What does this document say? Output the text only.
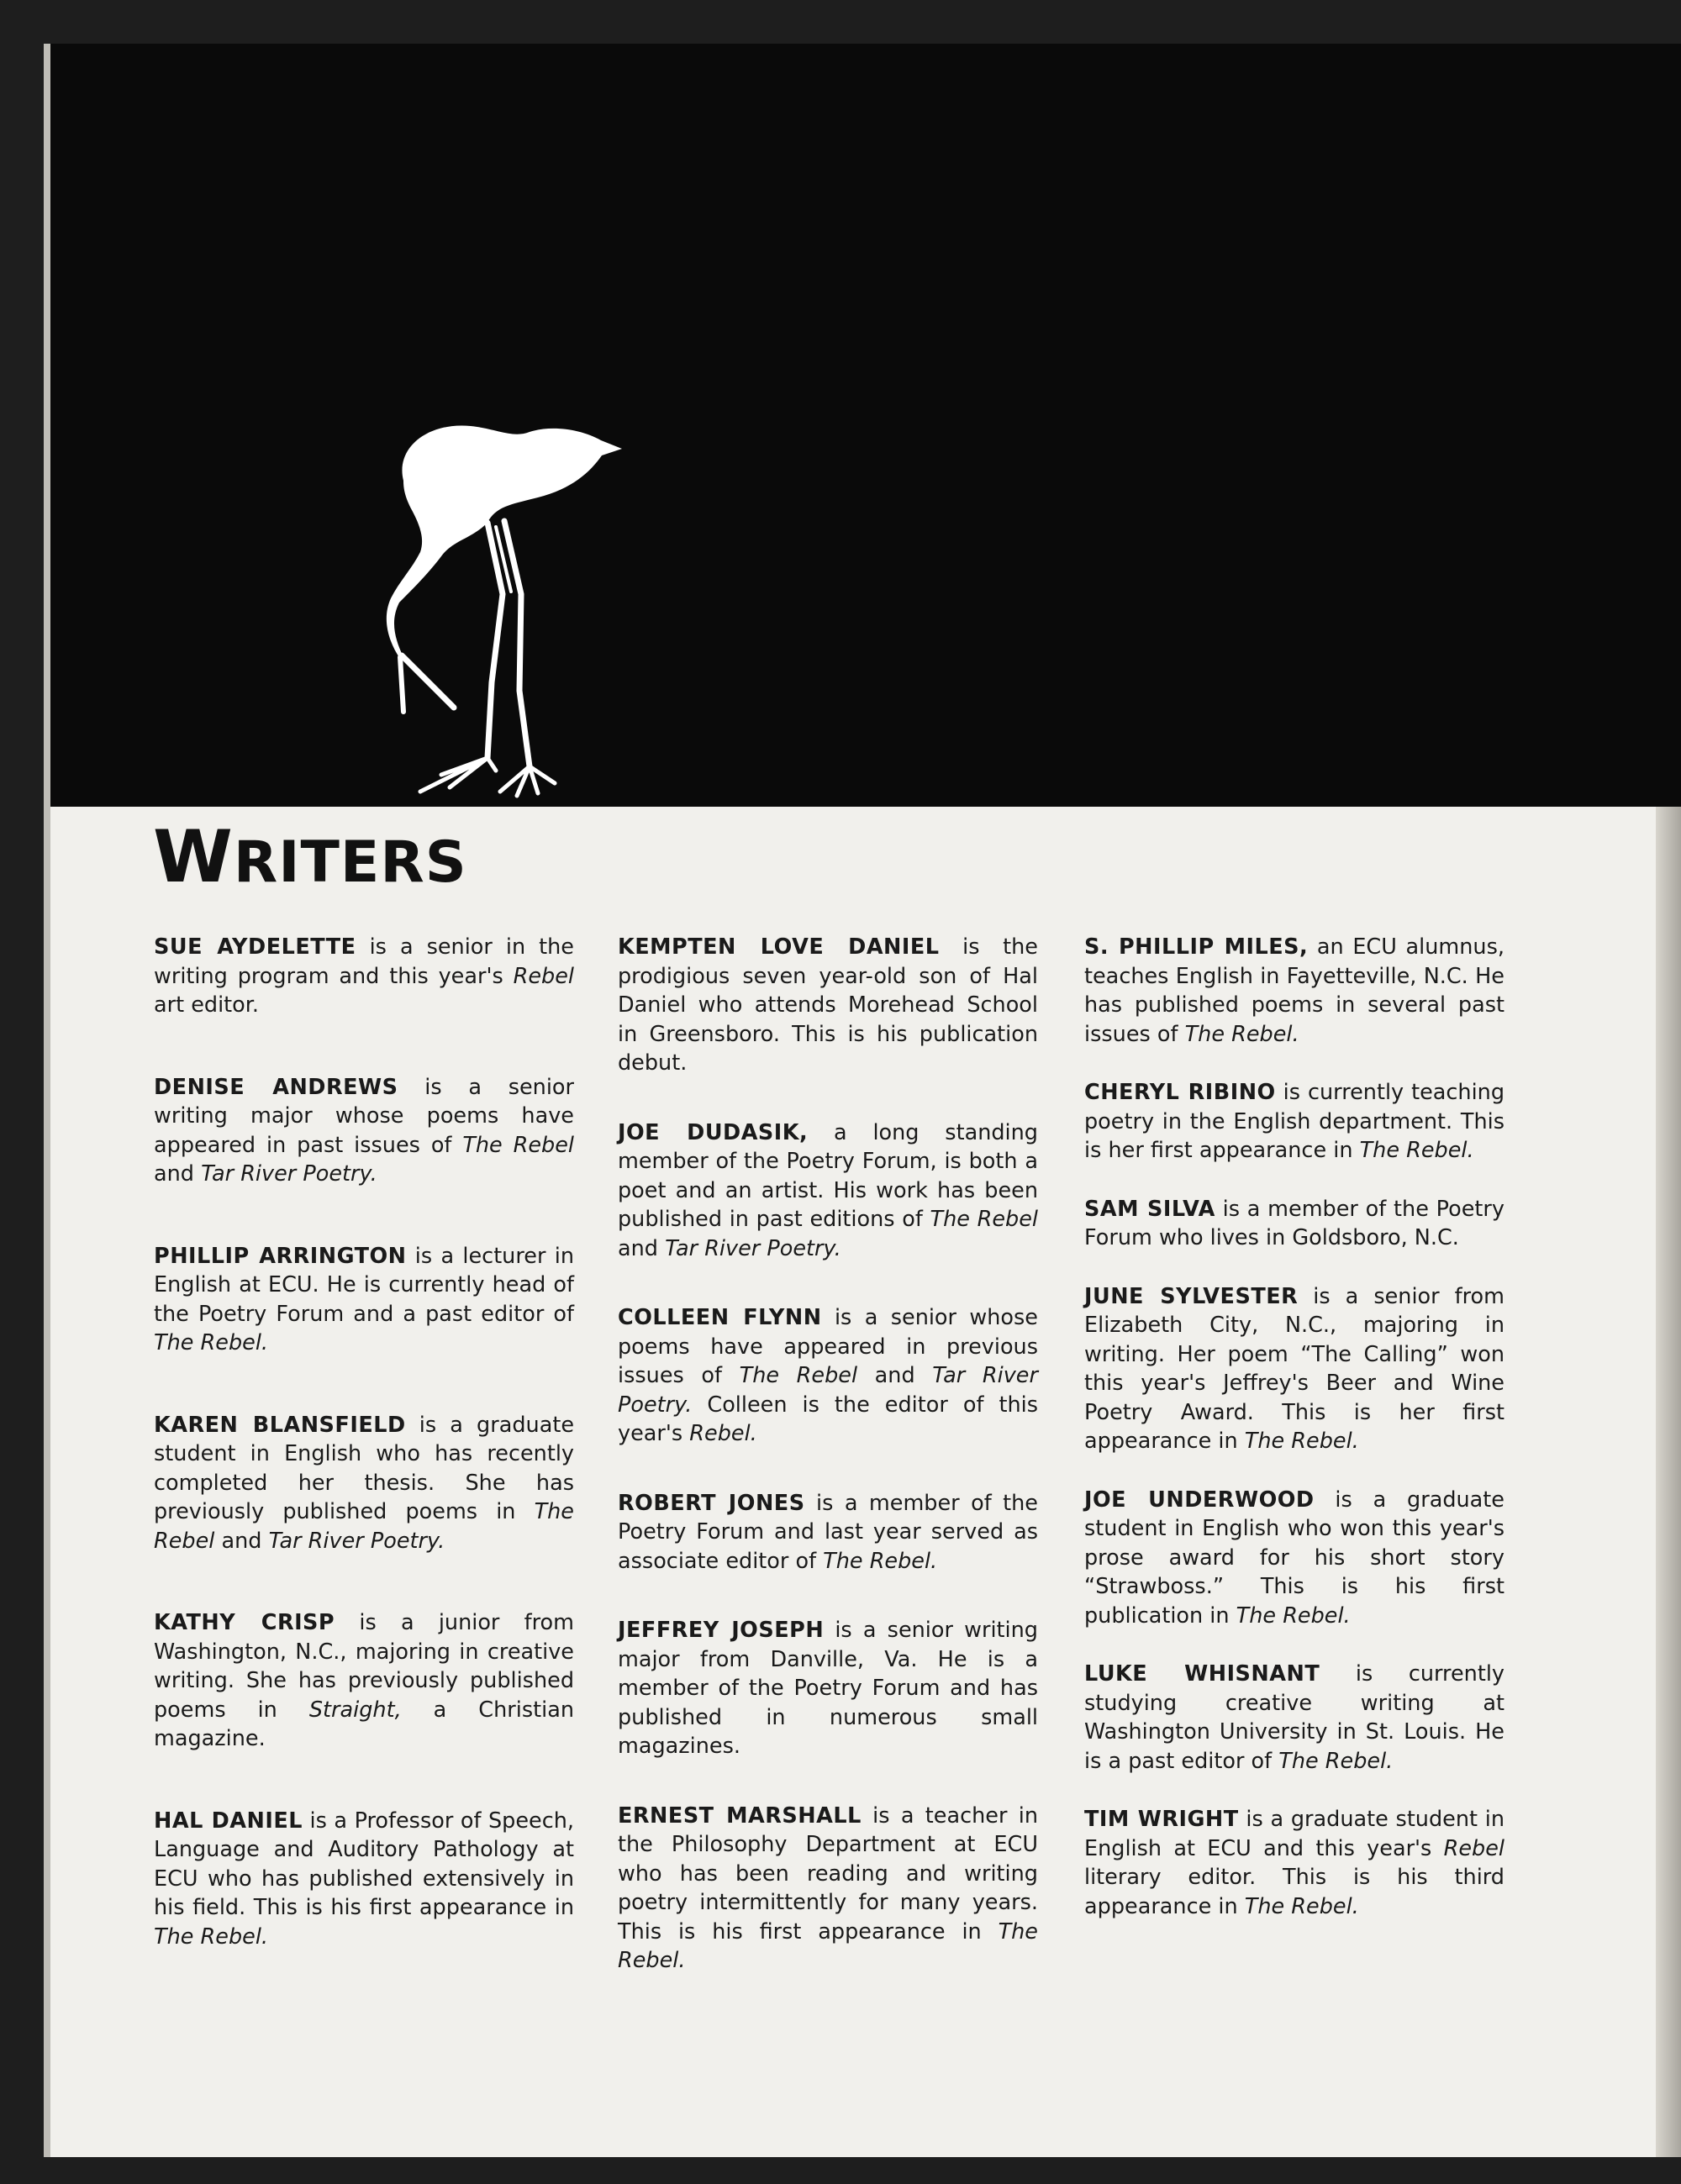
WRITERS

SUE AYDELETTE is a senior in the writing program and this year's Rebel art editor.

DENISE ANDREWS is a senior writing major whose poems have appeared in past issues of The Rebel and Tar River Poetry.

PHILLIP ARRINGTON is a lecturer in English at ECU. He is currently head of the Poetry Forum and a past editor of The Rebel.

KAREN BLANSFIELD is a graduate student in English who has recently completed her thesis. She has previously published poems in The Rebel and Tar River Poetry.

KATHY CRISP is a junior from Washington, N.C., majoring in creative writing. She has previously published poems in Straight, a Christian magazine.

HAL DANIEL is a Professor of Speech, Language and Auditory Pathology at ECU who has published extensively in his field. This is his first appearance in The Rebel.

KEMPTEN LOVE DANIEL is the prodigious seven year-old son of Hal Daniel who attends Morehead School in Greensboro. This is his publication debut.

JOE DUDASIK, a long standing member of the Poetry Forum, is both a poet and an artist. His work has been published in past editions of The Rebel and Tar River Poetry.

COLLEEN FLYNN is a senior whose poems have appeared in previous issues of The Rebel and Tar River Poetry. Colleen is the editor of this year's Rebel.

ROBERT JONES is a member of the Poetry Forum and last year served as associate editor of The Rebel.

JEFFREY JOSEPH is a senior writing major from Danville, Va. He is a member of the Poetry Forum and has published in numerous small magazines.

ERNEST MARSHALL is a teacher in the Philosophy Department at ECU who has been reading and writing poetry intermittently for many years. This is his first appearance in The Rebel.

S. PHILLIP MILES, an ECU alumnus, teaches English in Fayetteville, N.C. He has published poems in several past issues of The Rebel.

CHERYL RIBINO is currently teaching poetry in the English department. This is her first appearance in The Rebel.

SAM SILVA is a member of the Poetry Forum who lives in Goldsboro, N.C.

JUNE SYLVESTER is a senior from Elizabeth City, N.C., majoring in writing. Her poem “The Calling” won this year's Jeffrey's Beer and Wine Poetry Award. This is her first appearance in The Rebel.

JOE UNDERWOOD is a graduate student in English who won this year's prose award for his short story “Strawboss.” This is his first publication in The Rebel.

LUKE WHISNANT is currently studying creative writing at Washington University in St. Louis. He is a past editor of The Rebel.

TIM WRIGHT is a graduate student in English at ECU and this year's Rebel literary editor. This is his third appearance in The Rebel.
